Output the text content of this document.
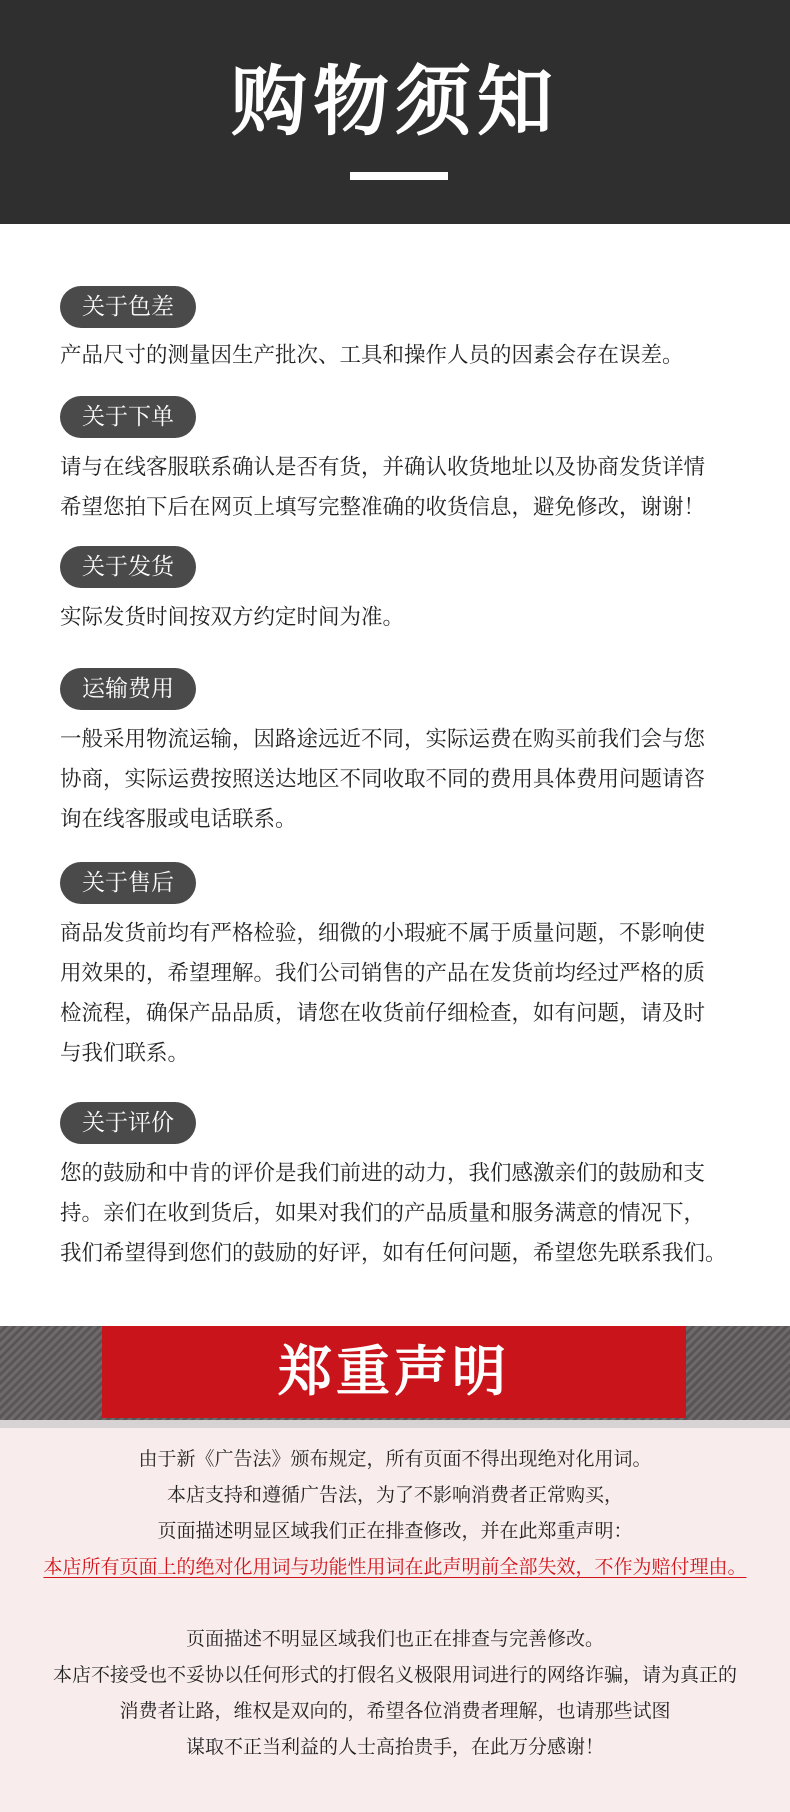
购物须知
关于色差
产品尺寸的测量因生产批次、工具和操作人员的因素会存在误差。
关于下单
请与在线客服联系确认是否有货，并确认收货地址以及协商发货详情
希望您拍下后在网页上填写完整准确的收货信息，避免修改，谢谢！
关于发货
实际发货时间按双方约定时间为准。
运输费用
一般采用物流运输，因路途远近不同，实际运费在购买前我们会与您
协商，实际运费按照送达地区不同收取不同的费用具体费用问题请咨
询在线客服或电话联系。
关于售后
商品发货前均有严格检验，细微的小瑕疵不属于质量问题，不影响使
用效果的，希望理解。我们公司销售的产品在发货前均经过严格的质
检流程，确保产品品质，请您在收货前仔细检查，如有问题，请及时
与我们联系。
关于评价
您的鼓励和中肯的评价是我们前进的动力，我们感激亲们的鼓励和支
持。亲们在收到货后，如果对我们的产品质量和服务满意的情况下，
我们希望得到您们的鼓励的好评，如有任何问题，希望您先联系我们。
郑重声明
由于新《广告法》颁布规定，所有页面不得出现绝对化用词。
本店支持和遵循广告法，为了不影响消费者正常购买，
页面描述明显区域我们正在排查修改，并在此郑重声明：
本店所有页面上的绝对化用词与功能性用词在此声明前全部失效，不作为赔付理由。
页面描述不明显区域我们也正在排查与完善修改。
本店不接受也不妥协以任何形式的打假名义极限用词进行的网络诈骗，请为真正的
消费者让路，维权是双向的，希望各位消费者理解，也请那些试图
谋取不正当利益的人士高抬贵手，在此万分感谢！
